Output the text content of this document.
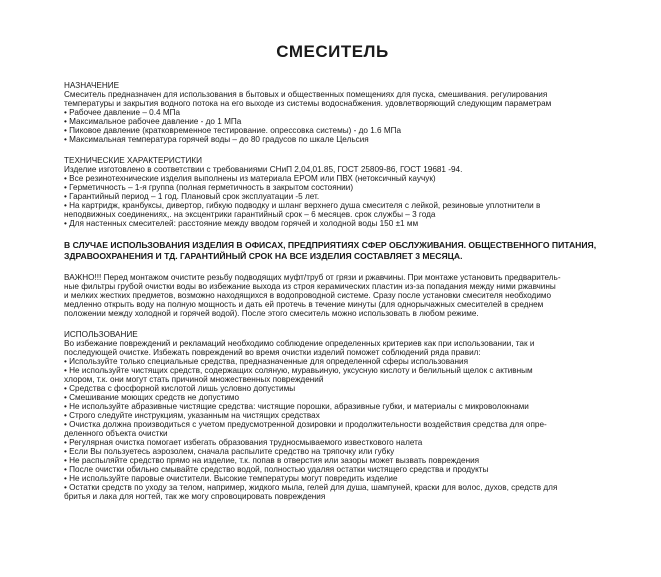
СМЕСИТЕЛЬ
НАЗНАЧЕНИЕ
Смеситель предназначен для использования в бытовых и общественных помещениях для пуска, смешивания. регулирования
температуры и закрытия водного потока на его выходе из системы водоснабжения. удовлетворяющий следующим параметрам
• Рабочее давление – 0.4 МПа
• Максимальное рабочее давление - до 1 МПа
• Пиковое давление (кратковременное тестирование. опрессовка системы) - до 1.6 МПа
• Максимальная температура горячей воды – до 80 градусов по шкале Цельсия
ТЕХНИЧЕСКИЕ ХАРАКТЕРИСТИКИ
Изделие изготовлено в соответствии с требованиями СНиП 2,04,01.85, ГОСТ 25809-86, ГОСТ 19681 -94.
• Все резинотехнические изделия выполнены из материала EPOM или ПВХ (нетоксичный каучук)
• Герметичность – 1-я группа (полная герметичность в закрытом состоянии)
• Гарантийный период – 1 год. Плановый срок эксплуатации -5 лет.
• На картридж, кранбуксы, дивертор, гибкую подводку и шланг верхнего душа смесителя с лейкой, резиновые уплотнители в
неподвижных соединениях,. на эксцентрики гарантийный срок – 6 месяцев. срок службы – 3 года
• Для настенных смесителей: расстояние между вводом горячей и холодной воды 150 ±1 мм
В СЛУЧАЕ ИСПОЛЬЗОВАНИЯ ИЗДЕЛИЯ В ОФИСАХ, ПРЕДПРИЯТИЯХ СФЕР ОБСЛУЖИВАНИЯ. ОБЩЕСТВЕННОГО ПИТАНИЯ,
ЗДРАВООХРАНЕНИЯ И ТД. ГАРАНТИЙНЫЙ СРОК НА ВСЕ ИЗДЕЛИЯ СОСТАВЛЯЕТ 3 МЕСЯЦА.
ВАЖНО!!! Перед монтажом очистите резьбу подводящих муфт/труб от грязи и ржавчины. При монтаже установить предваритель-
ные фильтры грубой очистки воды во избежание выхода из строя керамических пластин из-за попадания между ними ржавчины
и мелких жестких предметов, возможно находящихся в водопроводной системе. Сразу после установки смесителя необходимо
медленно открыть воду на полную мощность и дать ей протечь в течение минуты (для однорычажных смесителей в среднем
положении между холодной и горячей водой). После этого смеситель можно использовать в любом режиме.
ИСПОЛЬЗОВАНИЕ
Во избежание повреждений и рекламаций необходимо соблюдение определенных критериев как при использовании, так и
последующей очистке. Избежать повреждений во время очистки изделий поможет соблюдений ряда правил:
• Используйте только специальные средства, предназначенные для определенной сферы использования
• Не используйте чистящих средств, содержащих соляную, муравьиную, уксусную кислоту и белильный щелок с активным
хлором, т.к. они могут стать причиной множественных повреждений
• Средства с фосфорной кислотой лишь условно допустимы
• Смешивание моющих средств не допустимо
• Не используйте абразивные чистящие средства: чистящие порошки, абразивные губки, и материалы с микроволокнами
• Строго следуйте инструкциям, указанным на чистящих средствах
• Очистка должна производиться с учетом предусмотренной дозировки и продолжительности воздействия средства для опре-
деленного объекта очистки
• Регулярная очистка помогает избегать образования трудносмываемого известкового налета
• Если Вы пользуетесь аэрозолем, сначала распылите средство на тряпочку или губку
• Не распыляйте средство прямо на изделие, т.к. попав в отверстия или зазоры может вызвать повреждения
• После очистки обильно смывайте средство водой, полностью удаляя остатки чистящего средства и продукты
• Не используйте паровые очистители. Высокие температуры могут повредить изделие
• Остатки средств по уходу за телом, например, жидкого мыла, гелей для душа, шампуней, краски для волос, духов, средств для
бритья и лака для ногтей, так же могу спровоцировать повреждения
